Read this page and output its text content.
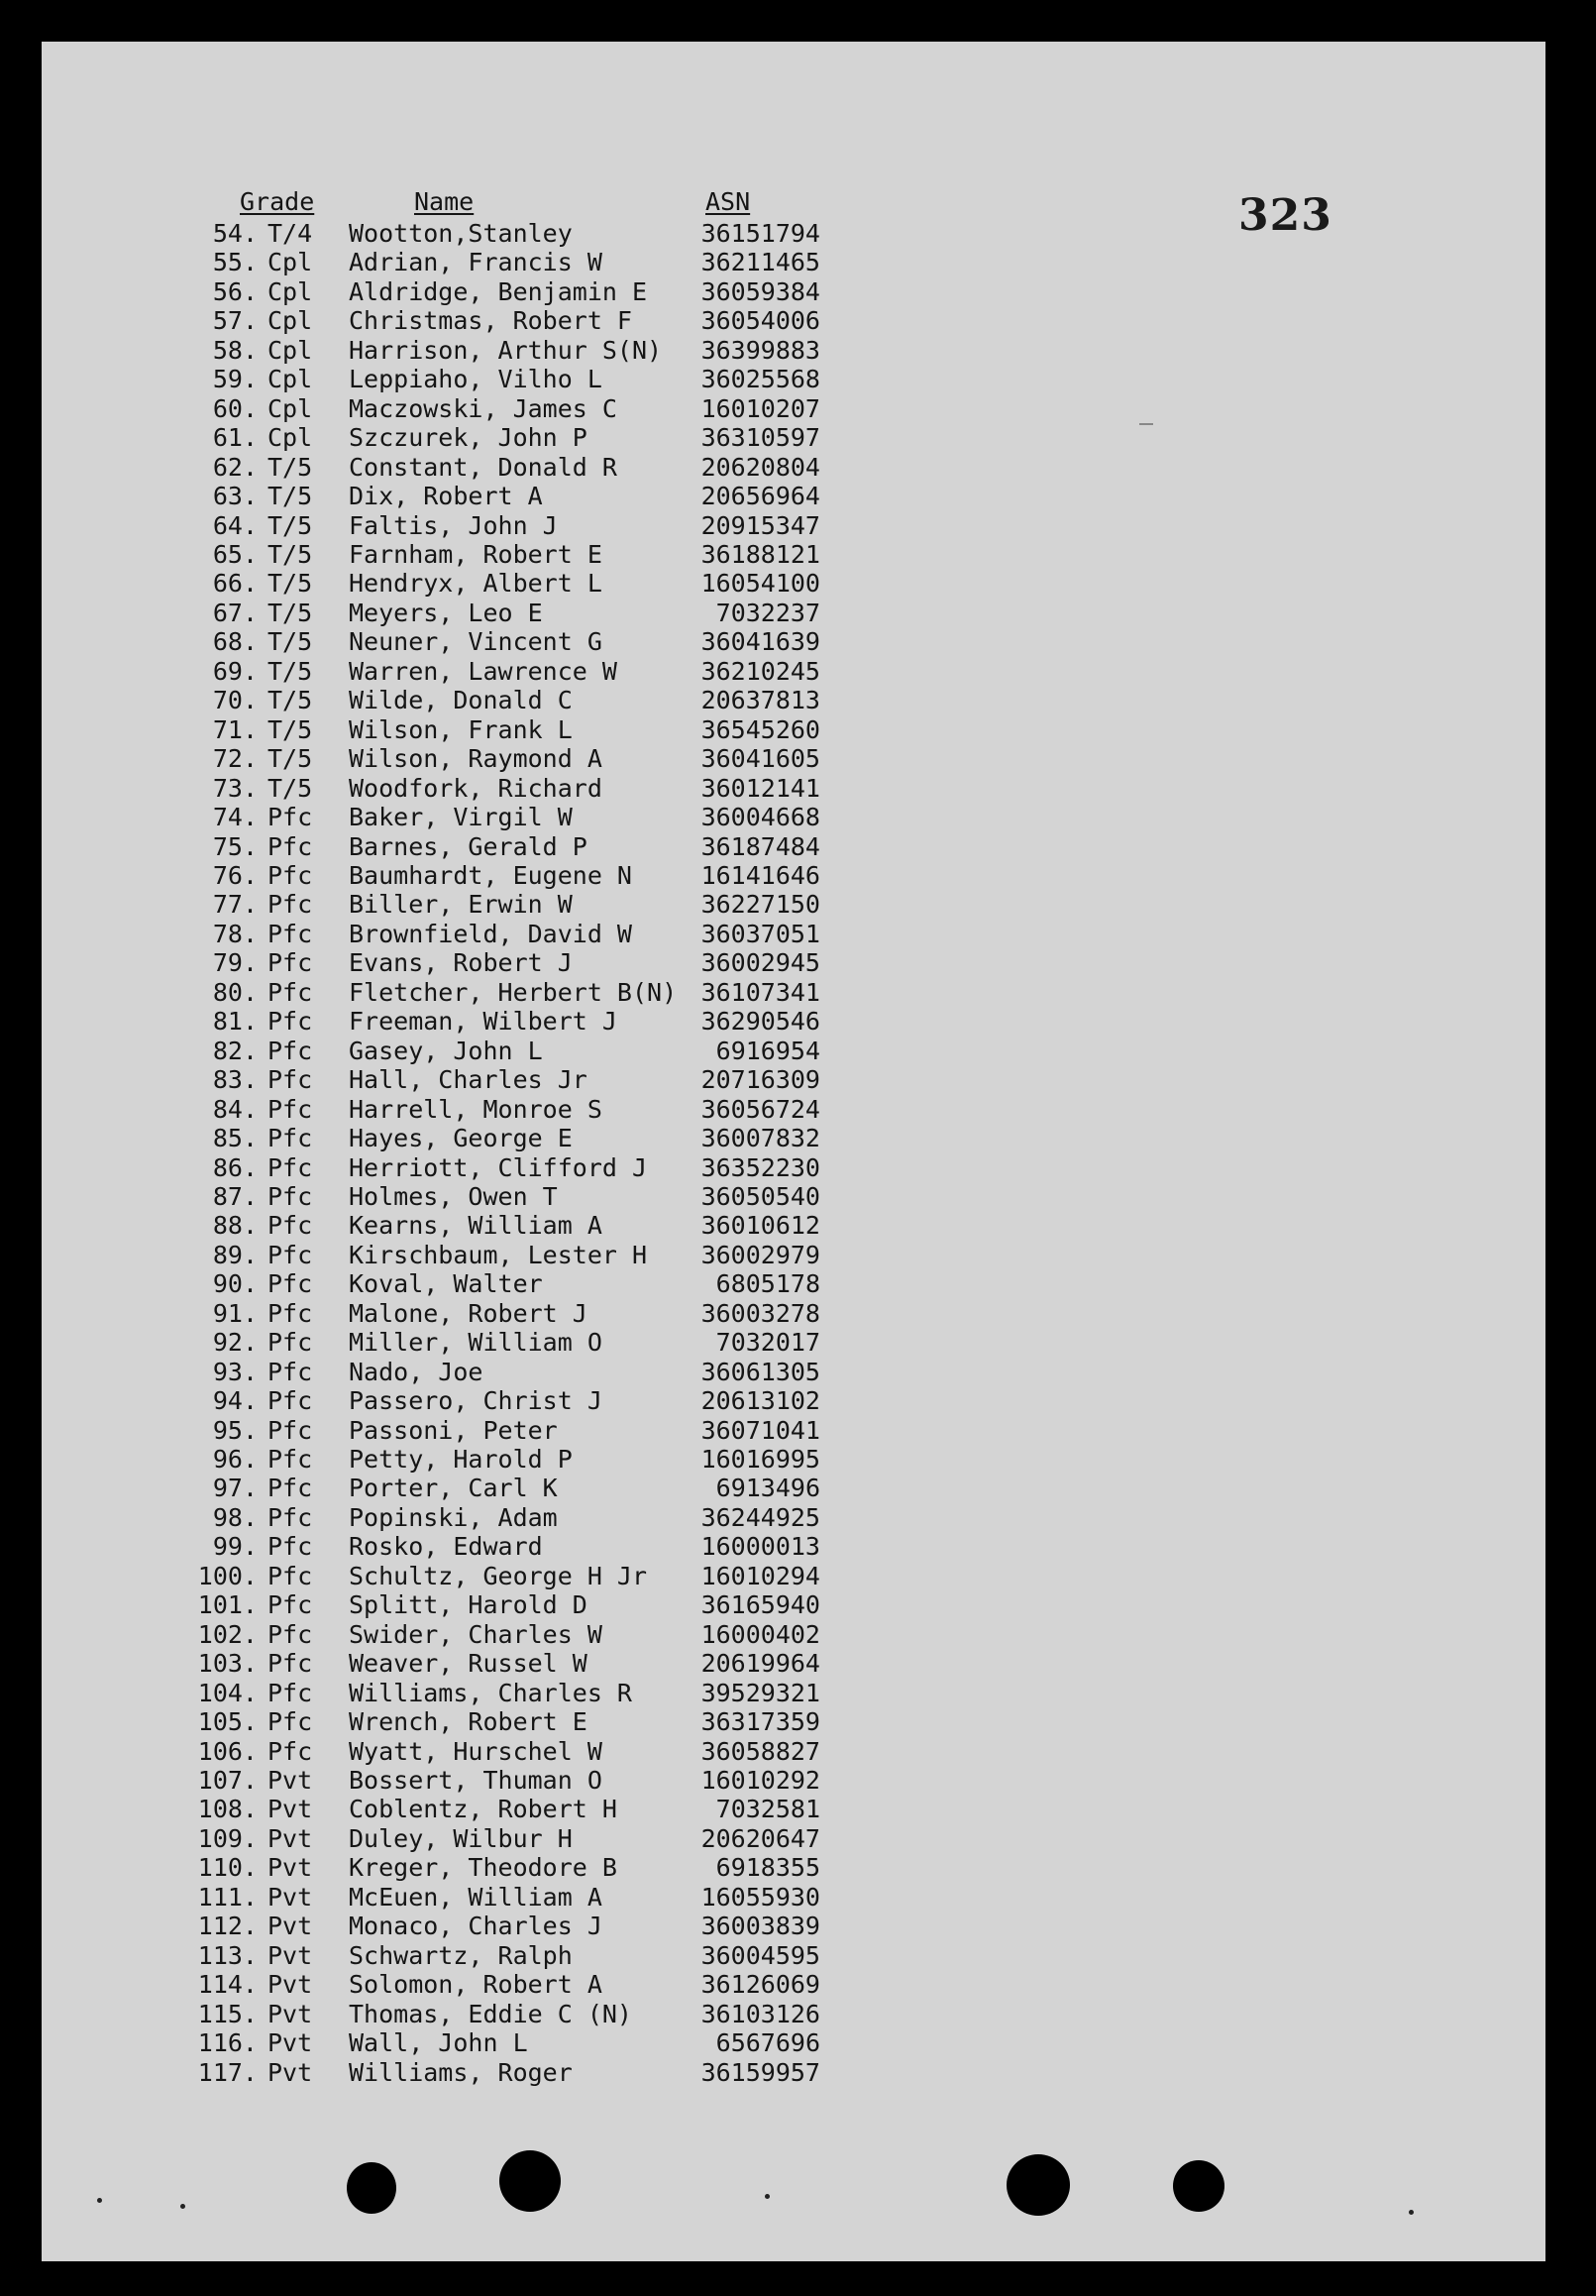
323
Grade	Name	ASN
54. T/4	Wootton,Stanley	36151794
55. Cpl	Adrian, Francis W	36211465
56. Cpl	Aldridge, Benjamin E	36059384
57. Cpl	Christmas, Robert F	36054006
58. Cpl	Harrison, Arthur S(N)	36399883
59. Cpl	Leppiaho, Vilho L	36025568
60. Cpl	Maczowski, James C	16010207
61. Cpl	Szczurek, John P	36310597
62. T/5	Constant, Donald R	20620804
63. T/5	Dix, Robert A	20656964
64. T/5	Faltis, John J	20915347
65. T/5	Farnham, Robert E	36188121
66. T/5	Hendryx, Albert L	16054100
67. T/5	Meyers, Leo E	7032237
68. T/5	Neuner, Vincent G	36041639
69. T/5	Warren, Lawrence W	36210245
70. T/5	Wilde, Donald C	20637813
71. T/5	Wilson, Frank L	36545260
72. T/5	Wilson, Raymond A	36041605
73. T/5	Woodfork, Richard	36012141
74. Pfc	Baker, Virgil W	36004668
75. Pfc	Barnes, Gerald P	36187484
76. Pfc	Baumhardt, Eugene N	16141646
77. Pfc	Biller, Erwin W	36227150
78. Pfc	Brownfield, David W	36037051
79. Pfc	Evans, Robert J	36002945
80. Pfc	Fletcher, Herbert B(N) 36107341
81. Pfc	Freeman, Wilbert J	36290546
82. Pfc	Gasey, John L	6916954
83. Pfc	Hall, Charles Jr	20716309
84. Pfc	Harrell, Monroe S	36056724
85. Pfc	Hayes, George E	36007832
86. Pfc	Herriott, Clifford J	36352230
87. Pfc	Holmes, Owen T	36050540
88. Pfc	Kearns, William A	36010612
89. Pfc	Kirschbaum, Lester H	36002979
90. Pfc	Koval, Walter	6805178
91. Pfc	Malone, Robert J	36003278
92. Pfc	Miller, William O	7032017
93. Pfc	Nado, Joe	36061305
94. Pfc	Passero, Christ J	20613102
95. Pfc	Passoni, Peter	36071041
96. Pfc	Petty, Harold P	16016995
97. Pfc	Porter, Carl K	6913496
98. Pfc	Popinski, Adam	36244925
99. Pfc	Rosko, Edward	16000013
100. Pfc	Schultz, George H Jr	16010294
101. Pfc	Splitt, Harold D	36165940
102. Pfc	Swider, Charles W	16000402
103. Pfc	Weaver, Russel W	20619964
104. Pfc	Williams, Charles R	39529321
105. Pfc	Wrench, Robert E	36317359
106. Pfc	Wyatt, Hurschel W	36058827
107. Pvt	Bossert, Thuman O	16010292
108. Pvt	Coblentz, Robert H	7032581
109. Pvt	Duley, Wilbur H	20620647
110. Pvt	Kreger, Theodore B	6918355
111. Pvt	McEuen, William A	16055930
112. Pvt	Monaco, Charles J	36003839
113. Pvt	Schwartz, Ralph	36004595
114. Pvt	Solomon, Robert A	36126069
115. Pvt	Thomas, Eddie C (N)	36103126
116. Pvt	Wall, John L	6567696
117. Pvt	Williams, Roger	36159957
